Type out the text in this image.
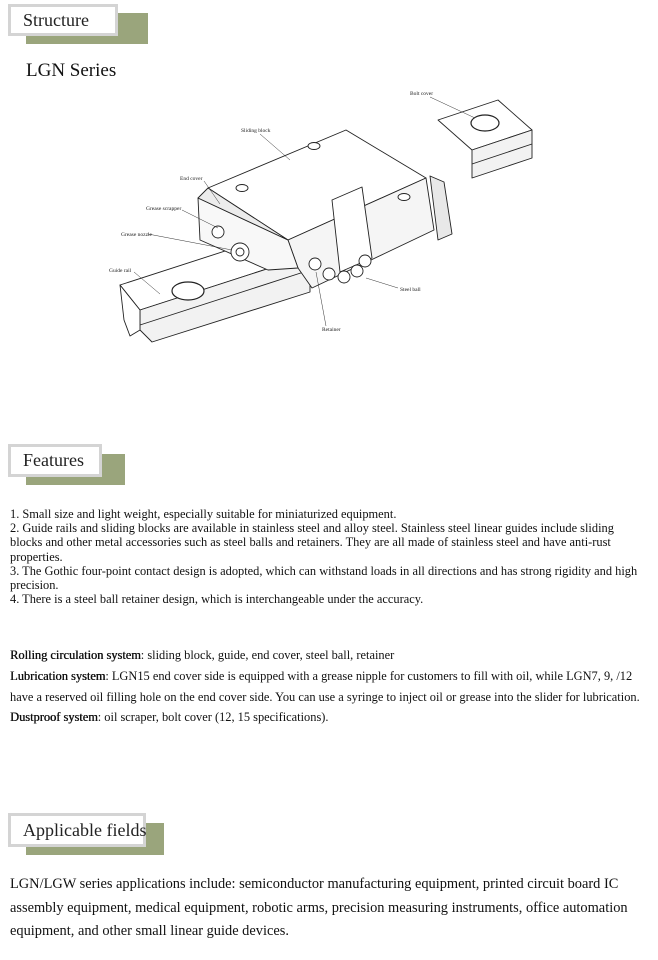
Structure
LGN Series
Bolt cover
Sliding block
End cover
Grease scrapper
Grease nozzle
Guide rail
Steel ball
Retainer
Features

1. Small size and light weight, especially suitable for miniaturized equipment.

2. Guide rails and sliding blocks are available in stainless steel and alloy steel. Stainless steel linear guides include sliding blocks and other metal accessories such as steel balls and retainers. They are all made of stainless steel and have anti-rust properties.

3. The Gothic four-point contact design is adopted, which can withstand loads in all directions and has strong rigidity and high precision.

4. There is a steel ball retainer design, which is interchangeable under the accuracy.

Rolling circulation system: sliding block, guide, end cover, steel ball, retainer

Lubrication system: LGN15 end cover side is equipped with a grease nipple for customers to fill with oil, while LGN7, 9, /12 have a reserved oil filling hole on the end cover side. You can use a syringe to inject oil or grease into the slider for lubrication.

Dustproof system: oil scraper, bolt cover (12, 15 specifications).

Applicable fields
LGN/LGW series applications include: semiconductor manufacturing equipment, printed circuit board IC assembly equipment, medical equipment, robotic arms, precision measuring instruments, office automation equipment, and other small linear guide devices.
